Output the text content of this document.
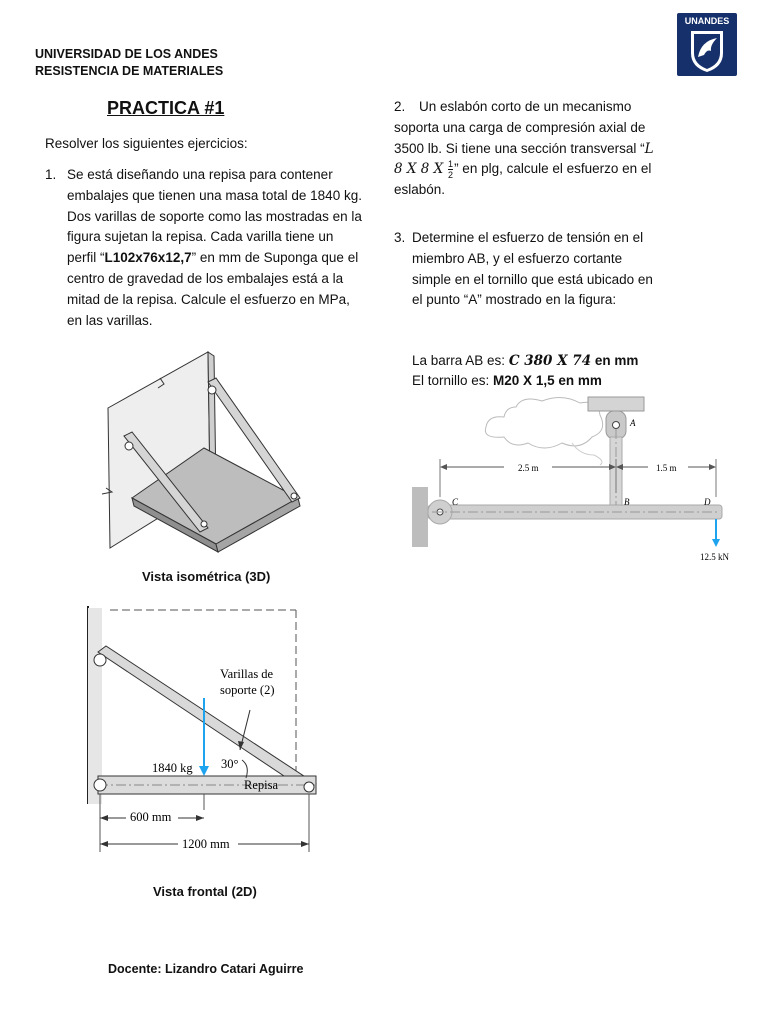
UNIVERSIDAD DE LOS ANDES
RESISTENCIA DE MATERIALES
UNANDES
PRACTICA #1
Resolver los siguientes ejercicios:
1. Se está diseñando una repisa para contener embalajes que tienen una masa total de 1840 kg. Dos varillas de soporte como las mostradas en la figura sujetan la repisa. Cada varilla tiene un perfil “L102x76x12,7” en mm de Suponga que el centro de gravedad de los embalajes está a la mitad de la repisa. Calcule el esfuerzo en MPa, en las varillas.
2. Un eslabón corto de un mecanismo soporta una carga de compresión axial de 3500 lb. Si tiene una sección transversal “L 8 X 8 X $\frac{1}{2}$ ” en plg, calcule el esfuerzo en el eslabón.
3. Determine el esfuerzo de tensión en el miembro AB, y el esfuerzo cortante simple en el tornillo que está ubicado en el punto “A” mostrado en la figura:
La barra AB es: C 380 X 74 en mm
El tornillo es: M20 X 1,5 en mm
Vista isométrica (3D)
Varillas de
soporte (2)
1840 kg 30°
Repisa
600 mm
1200 mm
Vista frontal (2D)
A
B
C	D
2.5 m	1.5 m
12.5 kN
Docente: Lizandro Catari Aguirre
